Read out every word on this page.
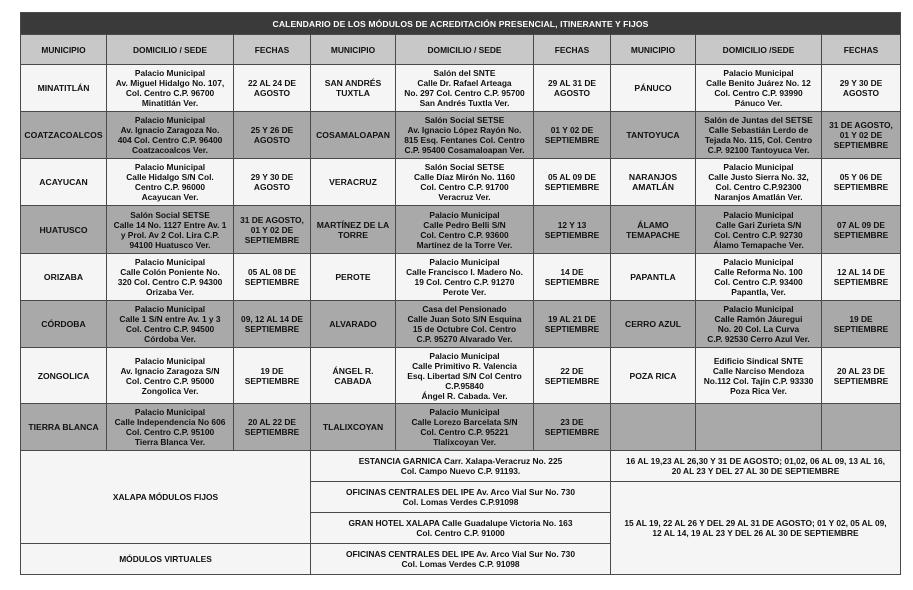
CALENDARIO DE LOS MÓDULOS DE ACREDITACIÓN PRESENCIAL, ITINERANTE Y FIJOS								
MUNICIPIO	DOMICILIO / SEDE	FECHAS	MUNICIPIO	DOMICILIO / SEDE	FECHAS	MUNICIPIO	DOMICILIO /SEDE	FECHAS

MINATITLÁN	Palacio Municipal
Av. Miguel Hidalgo No. 107,
Col. Centro C.P. 96700
Minatitlán Ver.	22 AL 24 DE
AGOSTO	SAN ANDRÉS
TUXTLA	Salón del SNTE
Calle Dr. Rafael Arteaga
No. 297 Col. Centro C.P. 95700
San Andrés Tuxtla Ver.	29 AL 31 DE
AGOSTO	PÁNUCO	Palacio Municipal
Calle Benito Juárez No. 12
Col. Centro C.P. 93990
Pánuco Ver.	29 Y 30 DE
AGOSTO

COATZACOALCOS	Palacio Municipal
Av. Ignacio Zaragoza No.
404 Col. Centro C.P. 96400
Coatzacoalcos Ver.	25 Y 26 DE
AGOSTO	COSAMALOAPAN	Salón Social SETSE
Av. Ignacio López Rayón No.
815 Esq. Fentanes Col. Centro
C.P. 95400 Cosamaloapan Ver.	01 Y 02 DE
SEPTIEMBRE	TANTOYUCA	Salón de Juntas del SETSE
Calle Sebastián Lerdo de
Tejada No. 115, Col. Centro
C.P. 92100 Tantoyuca Ver.	31 DE AGOSTO,
01 Y 02 DE
SEPTIEMBRE

ACAYUCAN	Palacio Municipal
Calle Hidalgo S/N Col.
Centro C.P. 96000
Acayucan Ver.	29 Y 30 DE
AGOSTO	VERACRUZ	Salón Social SETSE
Calle Díaz Mirón No. 1160
Col. Centro C.P. 91700
Veracruz Ver.	05 AL 09 DE
SEPTIEMBRE	NARANJOS
AMATLÁN	Palacio Municipal
Calle Justo Sierra No. 32,
Col. Centro C.P.92300
Naranjos Amatlán Ver.	05 Y 06 DE
SEPTIEMBRE

HUATUSCO	Salón Social SETSE
Calle 14 No. 1127 Entre Av. 1
y Prol. Av 2 Col. Lira C.P.
94100 Huatusco Ver.	31 DE AGOSTO,
01 Y 02 DE
SEPTIEMBRE	MARTÍNEZ DE LA
TORRE	Palacio Municipal
Calle Pedro Belli S/N
Col. Centro C.P. 93600
Martínez de la Torre Ver.	12 Y 13
SEPTIEMBRE	ÁLAMO
TEMAPACHE	Palacio Municipal
Calle Gari Zurieta S/N
Col. Centro C.P. 92730
Álamo Temapache Ver.	07 AL 09 DE
SEPTIEMBRE

ORIZABA	Palacio Municipal
Calle Colón Poniente No.
320 Col. Centro C.P. 94300
Orizaba Ver.	05 AL 08 DE
SEPTIEMBRE	PEROTE	Palacio Municipal
Calle Francisco I. Madero No.
19 Col. Centro C.P. 91270
Perote Ver.	14 DE
SEPTIEMBRE	PAPANTLA	Palacio Municipal
Calle Reforma No. 100
Col. Centro C.P. 93400
Papantla, Ver.	12 AL 14 DE
SEPTIEMBRE

CÓRDOBA	Palacio Municipal
Calle 1 S/N entre Av. 1 y 3
Col. Centro C.P. 94500
Córdoba Ver.	09, 12 AL 14 DE
SEPTIEMBRE	ALVARADO	Casa del Pensionado
Calle Juan Soto S/N Esquina
15 de Octubre Col. Centro
C.P. 95270 Alvarado Ver.	19 AL 21 DE
SEPTIEMBRE	CERRO AZUL	Palacio Municipal
Calle Ramón Jáuregui
No. 20 Col. La Curva
C.P. 92530 Cerro Azul Ver.	19 DE
SEPTIEMBRE

ZONGOLICA	Palacio Municipal
Av. Ignacio Zaragoza S/N
Col. Centro C.P. 95000
Zongolica Ver.	19 DE
SEPTIEMBRE	ÁNGEL R.
CABADA	Palacio Municipal
Calle Primitivo R. Valencia
Esq. Libertad S/N Col Centro
C.P.95840
Ángel R. Cabada. Ver.	22 DE
SEPTIEMBRE	POZA RICA	Edificio Sindical SNTE
Calle Narciso Mendoza
No.112 Col. Tajín C.P. 93330
Poza Rica Ver.	20 AL 23 DE
SEPTIEMBRE

TIERRA BLANCA	Palacio Municipal
Calle Independencia No 606
Col. Centro C.P. 95100
Tierra Blanca Ver.	20 AL 22 DE
SEPTIEMBRE	TLALIXCOYAN	Palacio Municipal
Calle Lorezo Barcelata S/N
Col. Centro C.P. 95221
Tlalixcoyan Ver.	23 DE
SEPTIEMBRE			

XALAPA MÓDULOS FIJOS			ESTANCIA GARNICA Carr. Xalapa-Veracruz No. 225
Col. Campo Nuevo C.P. 91193.			16 AL 19,23 AL 26,30 Y 31 DE AGOSTO; 01,02, 06 AL 09, 13 AL 16,
20 AL 23 Y DEL 27 AL 30 DE SEPTIEMBRE		

			OFICINAS CENTRALES DEL IPE Av. Arco Vial Sur No. 730
Col. Lomas Verdes C.P.91098			15 AL 19, 22 AL 26 Y DEL 29 AL 31 DE AGOSTO; 01 Y 02, 05 AL 09,
12 AL 14, 19 AL 23 Y DEL 26 AL 30 DE SEPTIEMBRE		

			GRAN HOTEL XALAPA Calle Guadalupe Victoria No. 163
Col. Centro C.P. 91000					

MÓDULOS VIRTUALES			OFICINAS CENTRALES DEL IPE Av. Arco Vial Sur No. 730
Col. Lomas Verdes C.P. 91098					
